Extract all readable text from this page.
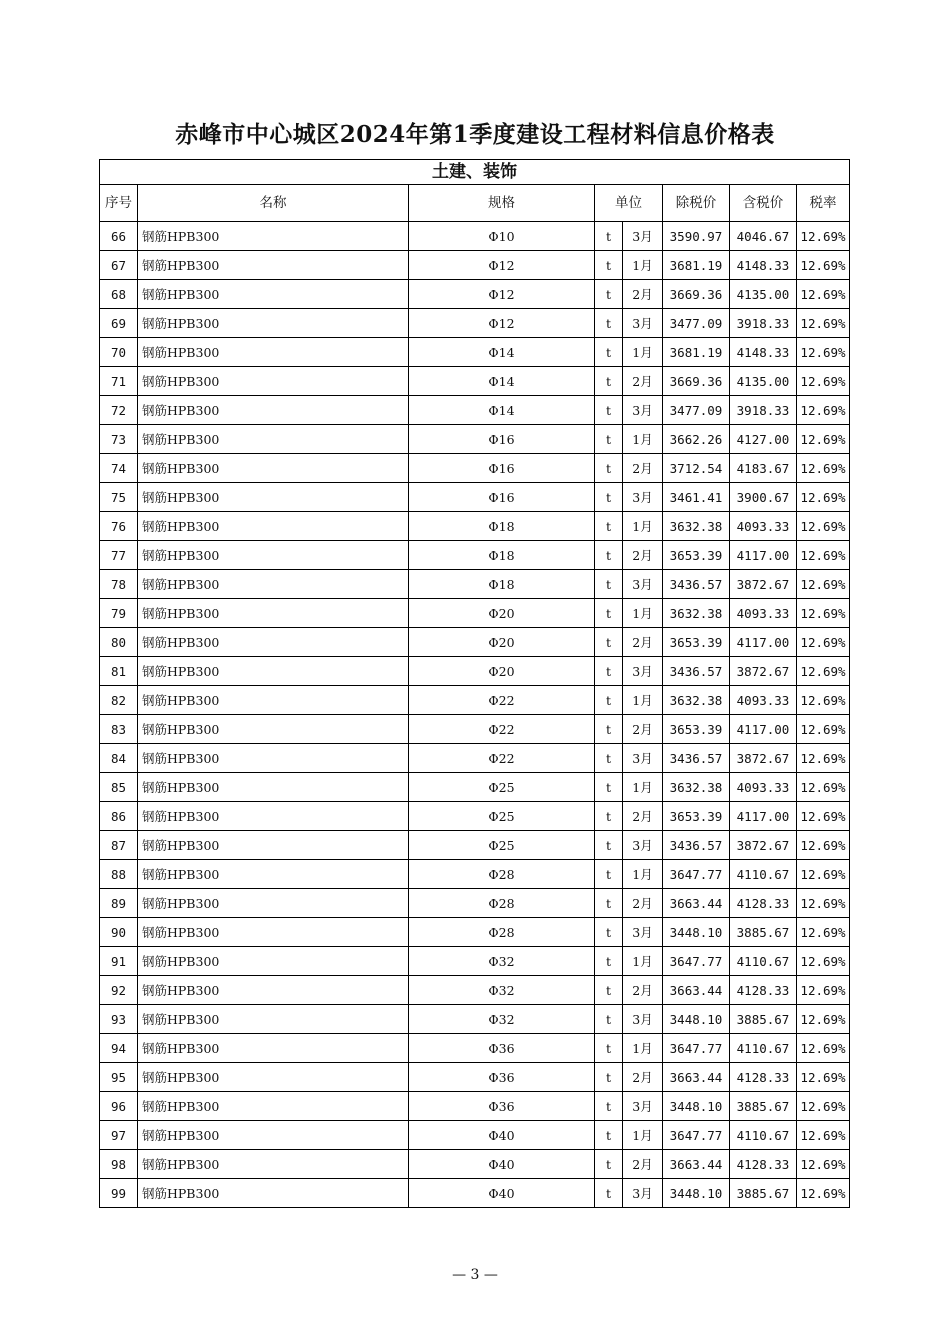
赤峰市中心城区2024年第1季度建设工程材料信息价格表
土建、装饰							
序号	名称	规格	单位		除税价	含税价	税率
66	钢筋HPB300	Φ10	t	3月	3590.97	4046.67	12.69%
67	钢筋HPB300	Φ12	t	1月	3681.19	4148.33	12.69%
68	钢筋HPB300	Φ12	t	2月	3669.36	4135.00	12.69%
69	钢筋HPB300	Φ12	t	3月	3477.09	3918.33	12.69%
70	钢筋HPB300	Φ14	t	1月	3681.19	4148.33	12.69%
71	钢筋HPB300	Φ14	t	2月	3669.36	4135.00	12.69%
72	钢筋HPB300	Φ14	t	3月	3477.09	3918.33	12.69%
73	钢筋HPB300	Φ16	t	1月	3662.26	4127.00	12.69%
74	钢筋HPB300	Φ16	t	2月	3712.54	4183.67	12.69%
75	钢筋HPB300	Φ16	t	3月	3461.41	3900.67	12.69%
76	钢筋HPB300	Φ18	t	1月	3632.38	4093.33	12.69%
77	钢筋HPB300	Φ18	t	2月	3653.39	4117.00	12.69%
78	钢筋HPB300	Φ18	t	3月	3436.57	3872.67	12.69%
79	钢筋HPB300	Φ20	t	1月	3632.38	4093.33	12.69%
80	钢筋HPB300	Φ20	t	2月	3653.39	4117.00	12.69%
81	钢筋HPB300	Φ20	t	3月	3436.57	3872.67	12.69%
82	钢筋HPB300	Φ22	t	1月	3632.38	4093.33	12.69%
83	钢筋HPB300	Φ22	t	2月	3653.39	4117.00	12.69%
84	钢筋HPB300	Φ22	t	3月	3436.57	3872.67	12.69%
85	钢筋HPB300	Φ25	t	1月	3632.38	4093.33	12.69%
86	钢筋HPB300	Φ25	t	2月	3653.39	4117.00	12.69%
87	钢筋HPB300	Φ25	t	3月	3436.57	3872.67	12.69%
88	钢筋HPB300	Φ28	t	1月	3647.77	4110.67	12.69%
89	钢筋HPB300	Φ28	t	2月	3663.44	4128.33	12.69%
90	钢筋HPB300	Φ28	t	3月	3448.10	3885.67	12.69%
91	钢筋HPB300	Φ32	t	1月	3647.77	4110.67	12.69%
92	钢筋HPB300	Φ32	t	2月	3663.44	4128.33	12.69%
93	钢筋HPB300	Φ32	t	3月	3448.10	3885.67	12.69%
94	钢筋HPB300	Φ36	t	1月	3647.77	4110.67	12.69%
95	钢筋HPB300	Φ36	t	2月	3663.44	4128.33	12.69%
96	钢筋HPB300	Φ36	t	3月	3448.10	3885.67	12.69%
97	钢筋HPB300	Φ40	t	1月	3647.77	4110.67	12.69%
98	钢筋HPB300	Φ40	t	2月	3663.44	4128.33	12.69%
99	钢筋HPB300	Φ40	t	3月	3448.10	3885.67	12.69%
— 3 —
